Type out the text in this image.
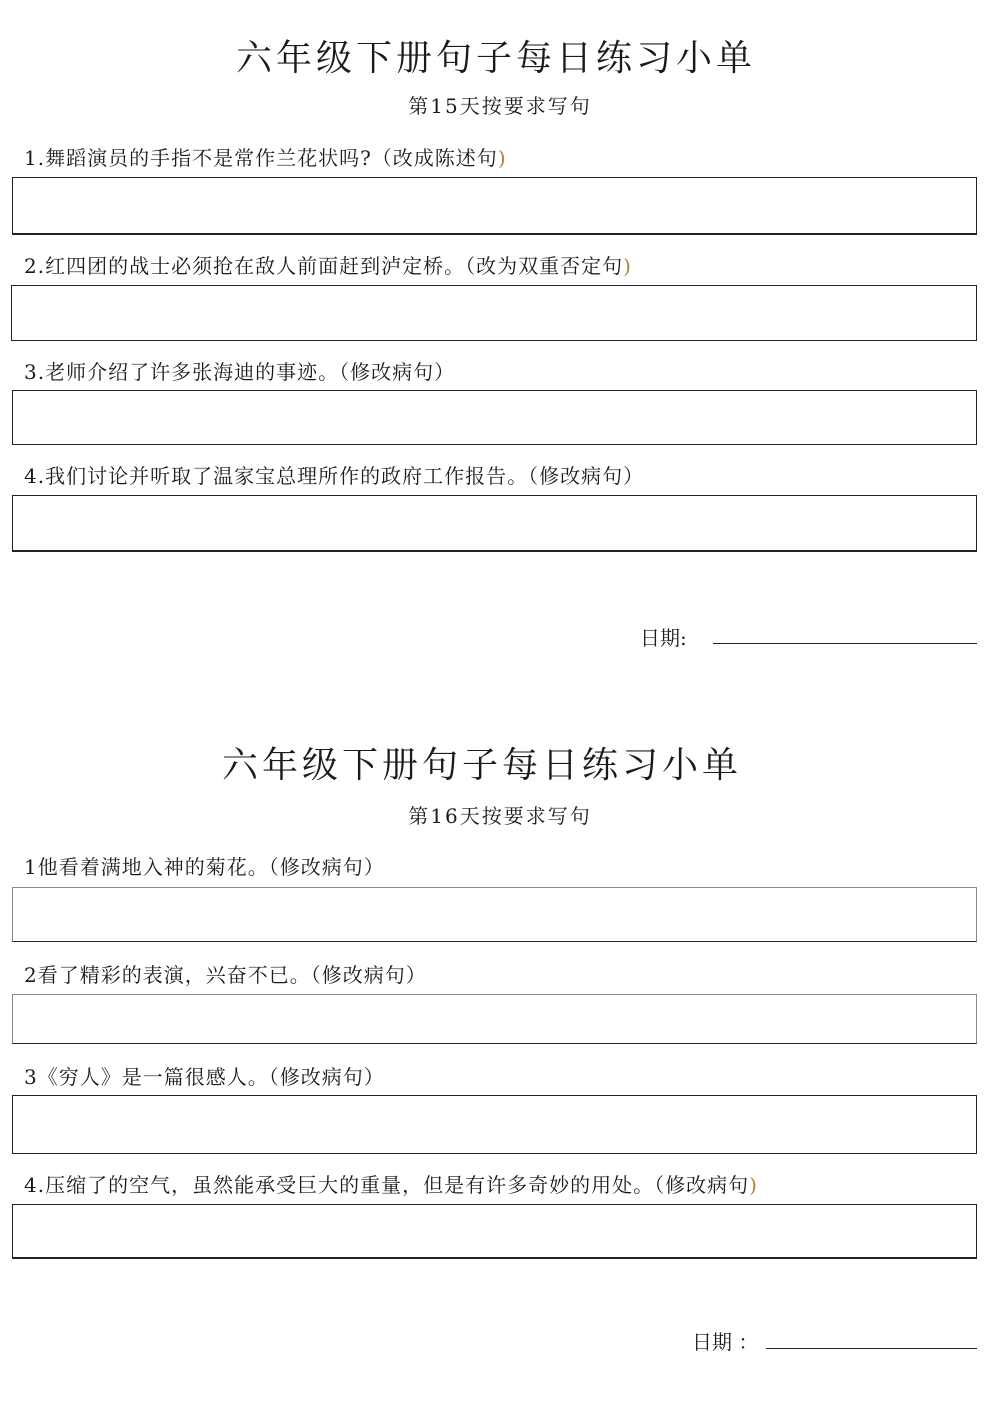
六年级下册句子每日练习小单
第15天按要求写句
1.舞蹈演员的手指不是常作兰花状吗?（改成陈述句)
2.红四团的战士必须抢在敌人前面赶到泸定桥。（改为双重否定句)
3.老师介绍了许多张海迪的事迹。（修改病句）
4.我们讨论并听取了温家宝总理所作的政府工作报告。（修改病句）
日期:
六年级下册句子每日练习小单
第16天按要求写句
1他看着满地入神的菊花。（修改病句）
2看了精彩的表演，兴奋不已。（修改病句）
3《穷人》是一篇很感人。（修改病句）
4.压缩了的空气，虽然能承受巨大的重量，但是有许多奇妙的用处。（修改病句)
日期 ：
